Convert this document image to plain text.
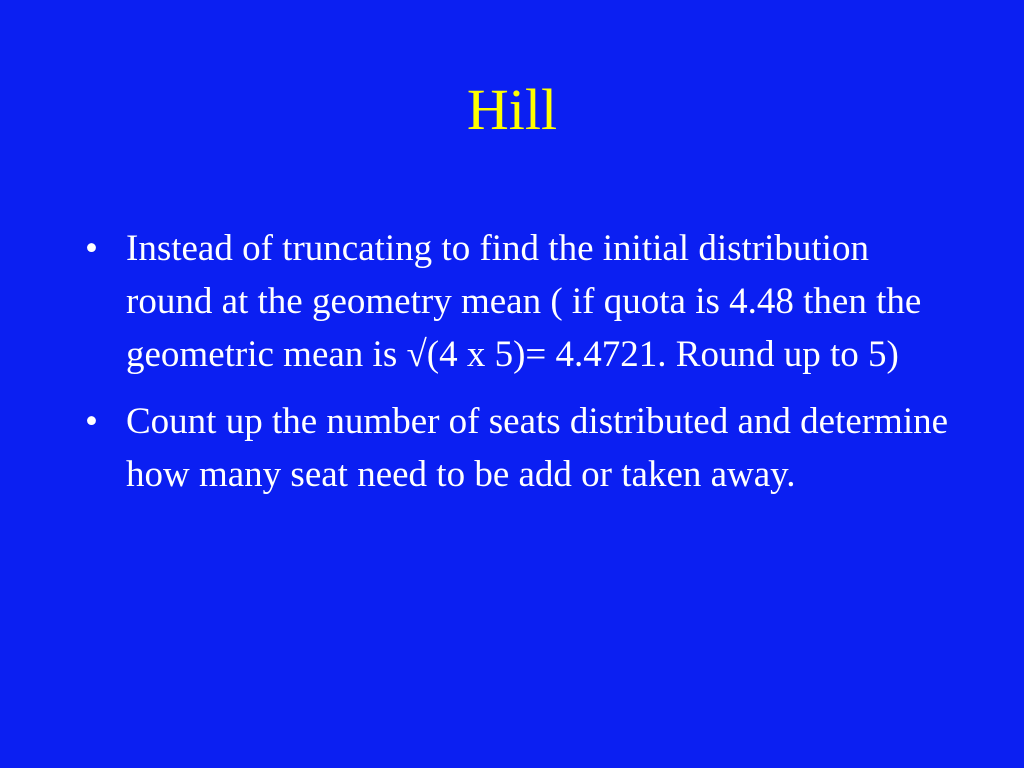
Hill
• Instead of truncating to find the initial distribution round at the geometry mean ( if quota is 4.48 then the geometric mean is √(4 x 5)= 4.4721. Round up to 5)
• Count up the number of seats distributed and determine how many seat need to be add or taken away.
